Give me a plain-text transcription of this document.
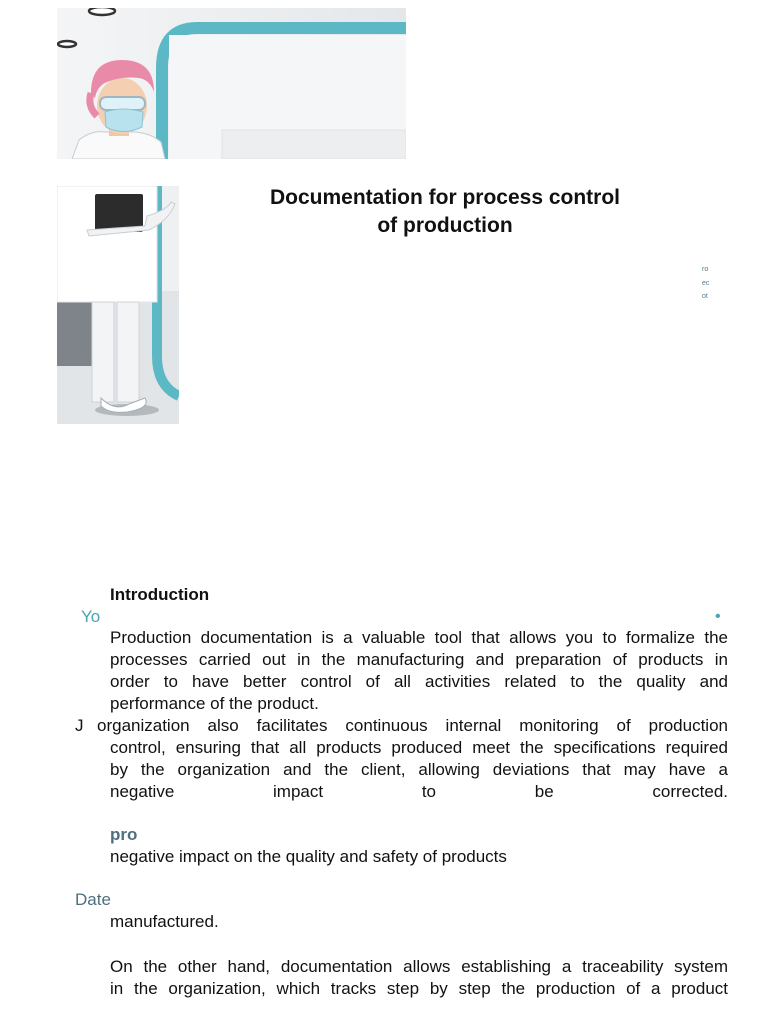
Documentation for process control
of production
ro
ec
ot
Introduction
Yo	•
Production documentation is a valuable tool that allows you to formalize the
processes carried out in the manufacturing and preparation of products in
order to have better control of all activities related to the quality and
performance of the product.
J organization also facilitates continuous internal monitoring of production
control, ensuring that all products produced meet the specifications required
by the organization and the client, allowing deviations that may have a
negative	impact	to	be	corrected.
pro
negative impact on the quality and safety of products
Date
manufactured.
On the other hand, documentation allows establishing a traceability system
in the organization, which tracks step by step the production of a product
